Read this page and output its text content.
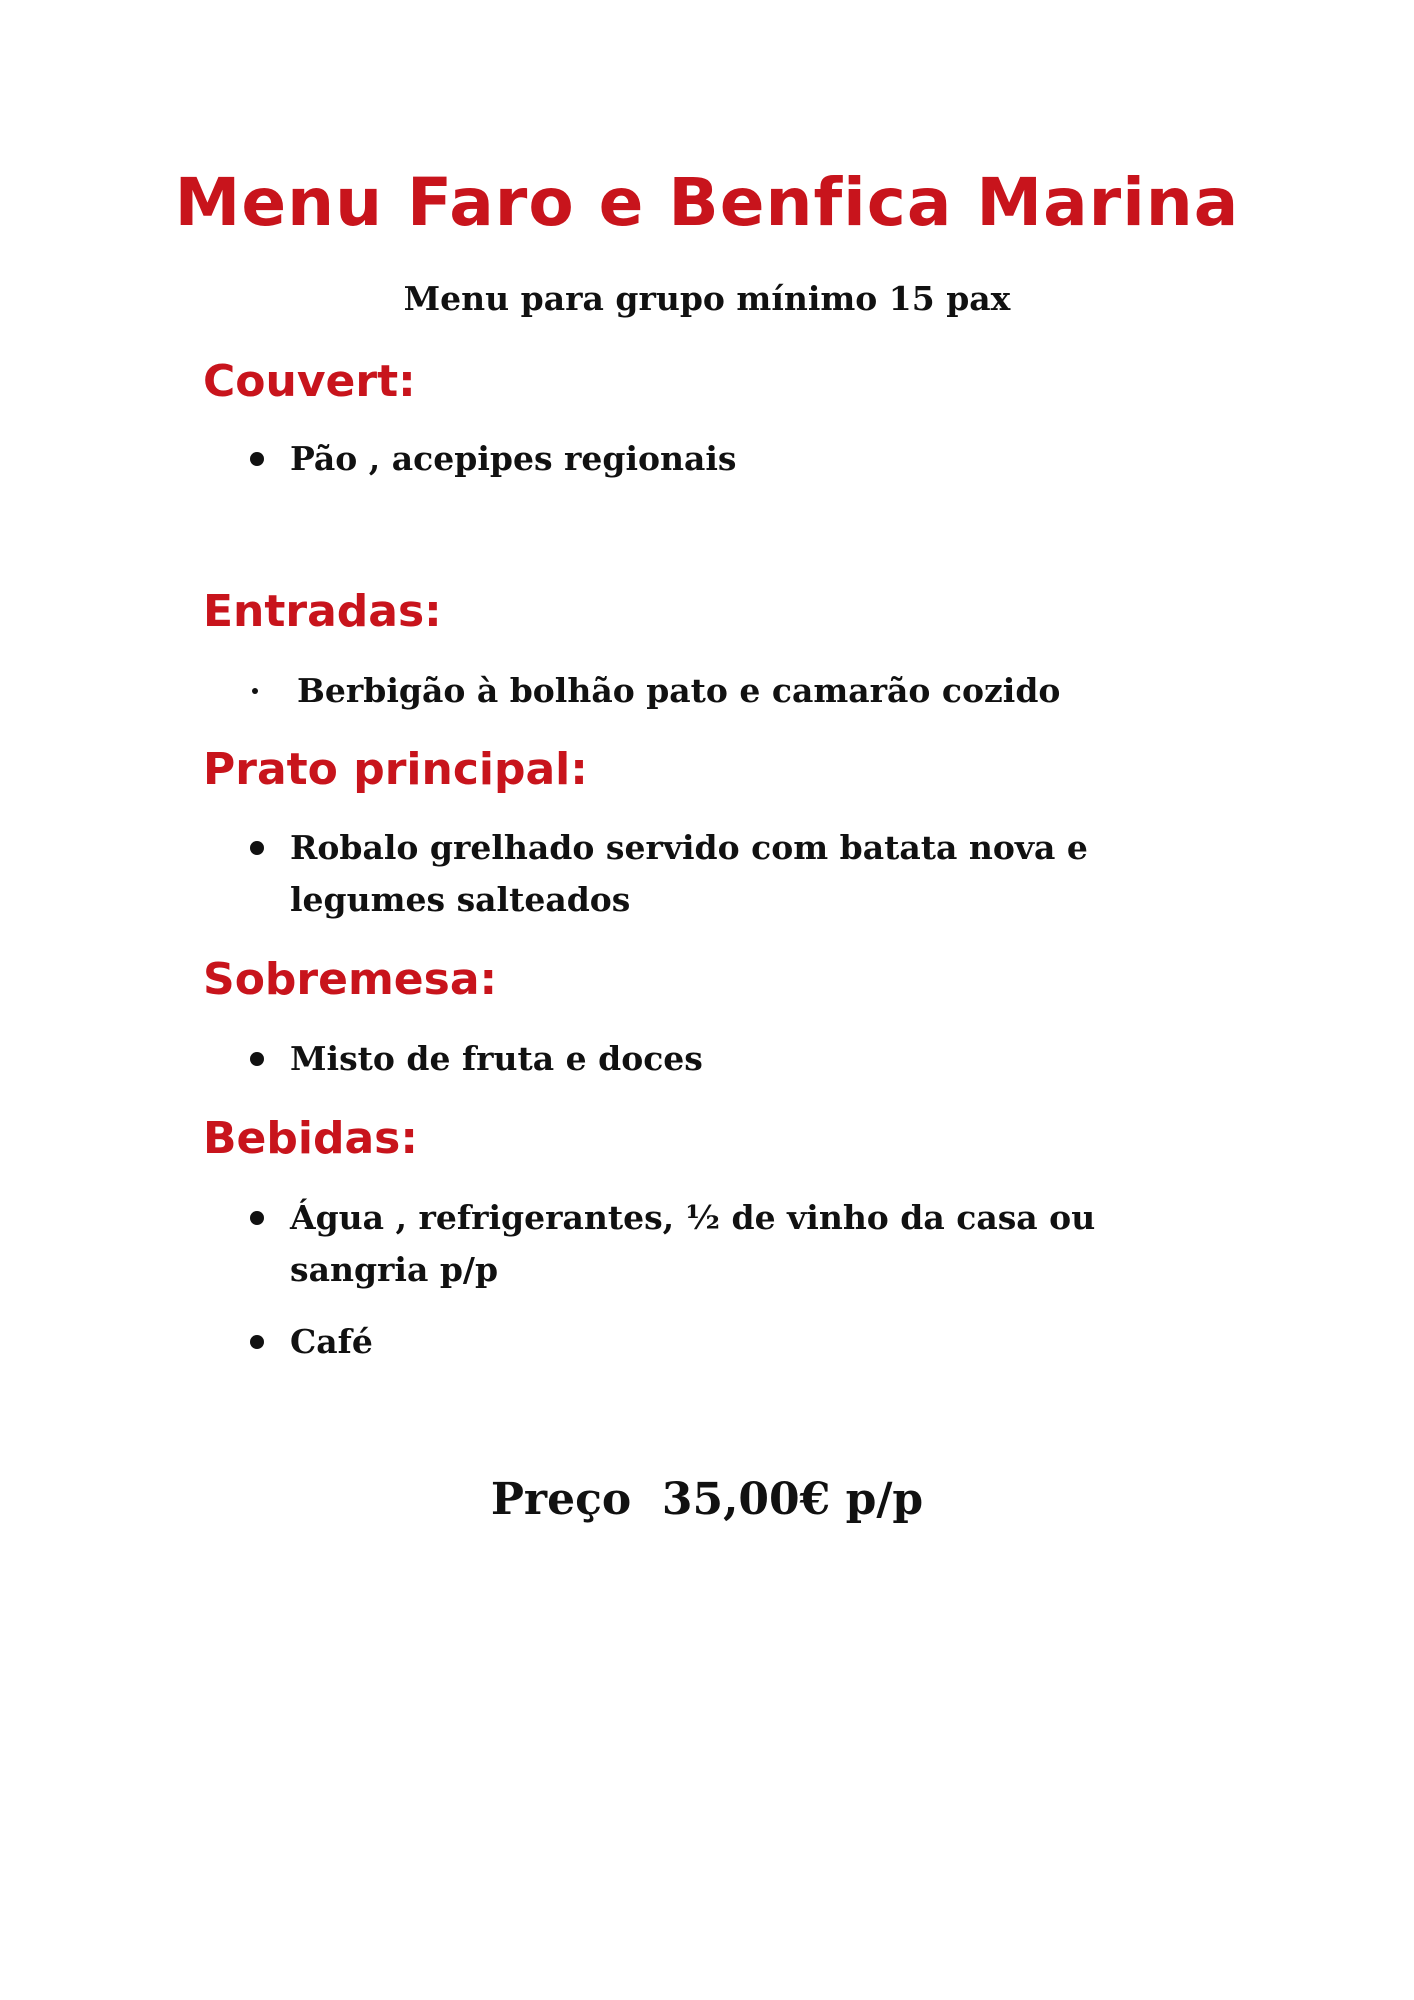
Menu Faro e Benfica Marina

Menu para grupo mínimo 15 pax

Couvert:

Pão , acepipes regionais

Entradas:

Berbigão à bolhão pato e camarão cozido

Prato principal:

Robalo grelhado servido com batata nova e legumes salteados

Sobremesa:

Misto de fruta e doces

Bebidas:

Água , refrigerantes, ½ de vinho da casa ou sangria p/p

Café

Preço  35,00€ p/p
